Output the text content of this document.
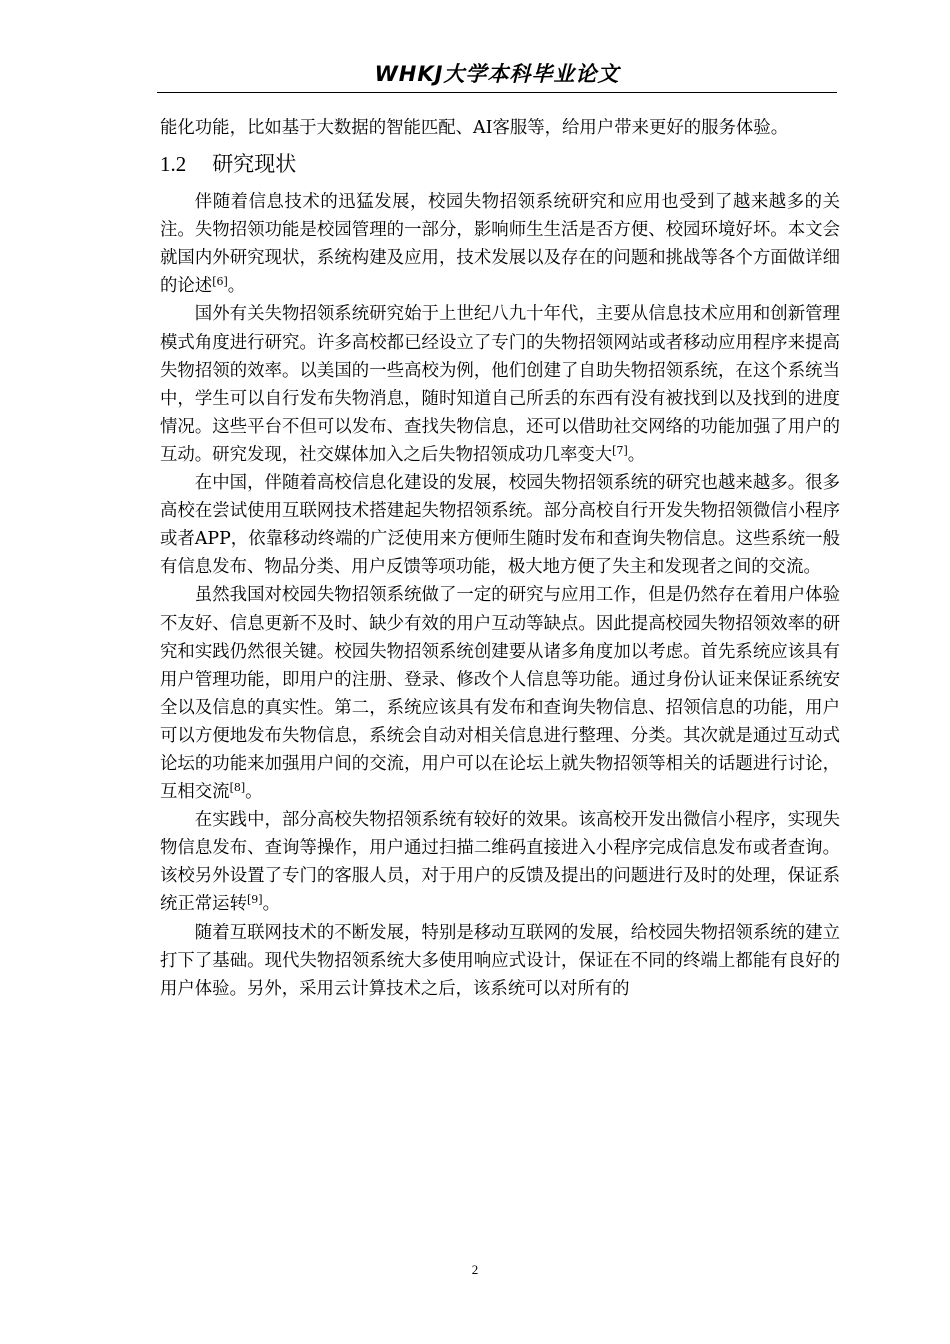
WHKJ大学本科毕业论文

能化功能，比如基于大数据的智能匹配、AI客服等，给用户带来更好的服务体验。

1.2 研究现状

伴随着信息技术的迅猛发展，校园失物招领系统研究和应用也受到了越来越多的关注。失物招领功能是校园管理的一部分，影响师生生活是否方便、校园环境好坏。本文会就国内外研究现状，系统构建及应用，技术发展以及存在的问题和挑战等各个方面做详细的论述[6]。

国外有关失物招领系统研究始于上世纪八九十年代，主要从信息技术应用和创新管理模式角度进行研究。许多高校都已经设立了专门的失物招领网站或者移动应用程序来提高失物招领的效率。以美国的一些高校为例，他们创建了自助失物招领系统，在这个系统当中，学生可以自行发布失物消息，随时知道自己所丢的东西有没有被找到以及找到的进度情况。这些平台不但可以发布、查找失物信息，还可以借助社交网络的功能加强了用户的互动。研究发现，社交媒体加入之后失物招领成功几率变大[7]。

在中国，伴随着高校信息化建设的发展，校园失物招领系统的研究也越来越多。很多高校在尝试使用互联网技术搭建起失物招领系统。部分高校自行开发失物招领微信小程序或者APP，依靠移动终端的广泛使用来方便师生随时发布和查询失物信息。这些系统一般有信息发布、物品分类、用户反馈等项功能，极大地方便了失主和发现者之间的交流。

虽然我国对校园失物招领系统做了一定的研究与应用工作，但是仍然存在着用户体验不友好、信息更新不及时、缺少有效的用户互动等缺点。因此提高校园失物招领效率的研究和实践仍然很关键。校园失物招领系统创建要从诸多角度加以考虑。首先系统应该具有用户管理功能，即用户的注册、登录、修改个人信息等功能。通过身份认证来保证系统安全以及信息的真实性。第二，系统应该具有发布和查询失物信息、招领信息的功能，用户可以方便地发布失物信息，系统会自动对相关信息进行整理、分类。其次就是通过互动式论坛的功能来加强用户间的交流，用户可以在论坛上就失物招领等相关的话题进行讨论，互相交流[8]。

在实践中，部分高校失物招领系统有较好的效果。该高校开发出微信小程序，实现失物信息发布、查询等操作，用户通过扫描二维码直接进入小程序完成信息发布或者查询。该校另外设置了专门的客服人员，对于用户的反馈及提出的问题进行及时的处理，保证系统正常运转[9]。

随着互联网技术的不断发展，特别是移动互联网的发展，给校园失物招领系统的建立打下了基础。现代失物招领系统大多使用响应式设计，保证在不同的终端上都能有良好的用户体验。另外，采用云计算技术之后，该系统可以对所有的

2
